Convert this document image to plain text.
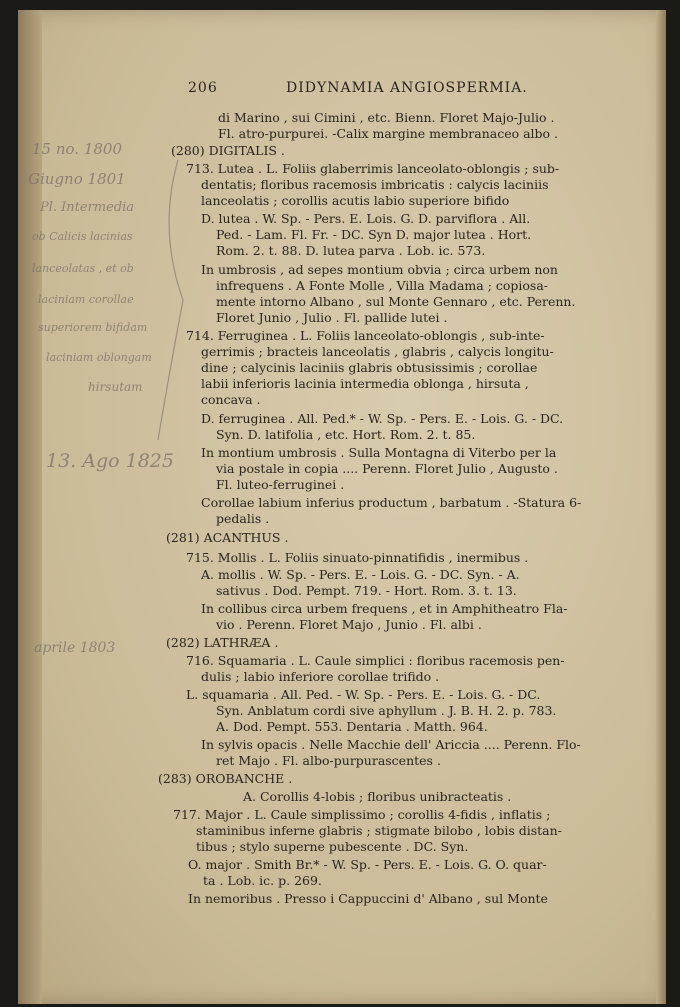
206	DIDYNAMIA ANGIOSPERMIA.
di Marino , sui Cimini , etc. Bienn. Floret Majo-Julio .
Fl. atro-purpurei. -Calix margine membranaceo albo .
(280) DIGITALIS .
713. Lutea . L. Foliis glaberrimis lanceolato-oblongis ; sub-
dentatis; floribus racemosis imbricatis : calycis laciniis
lanceolatis ; corollis acutis labio superiore bifido
D. lutea . W. Sp. - Pers. E. Lois. G. D. parviflora . All.
Ped. - Lam. Fl. Fr. - DC. Syn D. major lutea . Hort.
Rom. 2. t. 88. D. lutea parva . Lob. ic. 573.
In umbrosis , ad sepes montium obvia ; circa urbem non
infrequens . A Fonte Molle , Villa Madama ; copiosa-
mente intorno Albano , sul Monte Gennaro , etc. Perenn.
Floret Junio , Julio . Fl. pallide lutei .
714. Ferruginea . L. Foliis lanceolato-oblongis , sub-inte-
gerrimis ; bracteis lanceolatis , glabris , calycis longitu-
dine ; calycinis laciniis glabris obtusissimis ; corollae
labii inferioris lacinia intermedia oblonga , hirsuta ,
concava .
D. ferruginea . All. Ped.* - W. Sp. - Pers. E. - Lois. G. - DC.
Syn. D. latifolia , etc. Hort. Rom. 2. t. 85.
In montium umbrosis . Sulla Montagna di Viterbo per la
via postale in copia .... Perenn. Floret Julio , Augusto .
Fl. luteo-ferruginei .
Corollae labium inferius productum , barbatum . -Statura 6-
pedalis .
(281) ACANTHUS .
715. Mollis . L. Foliis sinuato-pinnatifidis , inermibus .
A. mollis . W. Sp. - Pers. E. - Lois. G. - DC. Syn. - A.
sativus . Dod. Pempt. 719. - Hort. Rom. 3. t. 13.
In collibus circa urbem frequens , et in Amphitheatro Fla-
vio . Perenn. Floret Majo , Junio . Fl. albi .
(282) LATHRÆA .
716. Squamaria . L. Caule simplici : floribus racemosis pen-
dulis ; labio inferiore corollae trifido .
L. squamaria . All. Ped. - W. Sp. - Pers. E. - Lois. G. - DC.
Syn. Anblatum cordi sive aphyllum . J. B. H. 2. p. 783.
A. Dod. Pempt. 553. Dentaria . Matth. 964.
In sylvis opacis . Nelle Macchie dell' Ariccia .... Perenn. Flo-
ret Majo . Fl. albo-purpurascentes .
(283) OROBANCHE .
A. Corollis 4-lobis ; floribus unibracteatis .
717. Major . L. Caule simplissimo ; corollis 4-fidis , inflatis ;
staminibus inferne glabris ; stigmate bilobo , lobis distan-
tibus ; stylo superne pubescente . DC. Syn.
O. major . Smith Br.* - W. Sp. - Pers. E. - Lois. G. O. quar-
ta . Lob. ic. p. 269.
In nemoribus . Presso i Cappuccini d' Albano , sul Monte
15 no. 1800
Giugno 1801
Pl. Intermedia
ob Calicis lacinias
lanceolatas , et ob
laciniam corollae
superiorem bifidam
laciniam oblongam
hirsutam
13. Ago 1825
aprile 1803
